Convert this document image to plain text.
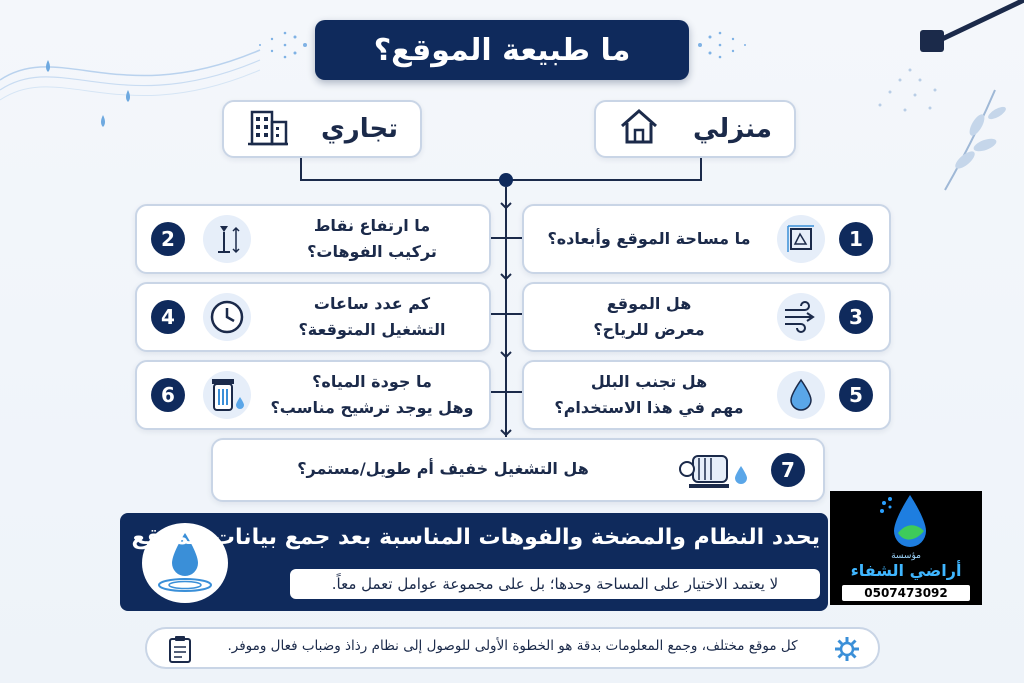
ما طبيعة الموقع؟
تجاري	منزلي
1
ما مساحة الموقع وأبعاده؟
2
ما ارتفاع نقاط
تركيب الفوهات؟
3
هل الموقع
معرض للرياح؟
4
كم عدد ساعات
التشغيل المتوقعة؟
5
هل تجنب البلل
مهم في هذا الاستخدام؟
6
ما جودة المياه؟
وهل يوجد ترشيح مناسب؟
7
هل التشغيل خفيف أم طويل/مستمر؟
يحدد النظام والمضخة والفوهات المناسبة بعد جمع بيانات الموقع
لا يعتمد الاختيار على المساحة وحدها؛ بل على مجموعة عوامل تعمل معاً.
مؤسسة
أراضي الشفاء
0507473092
كل موقع مختلف، وجمع المعلومات بدقة هو الخطوة الأولى للوصول إلى نظام رذاذ وضباب فعال وموفر.
